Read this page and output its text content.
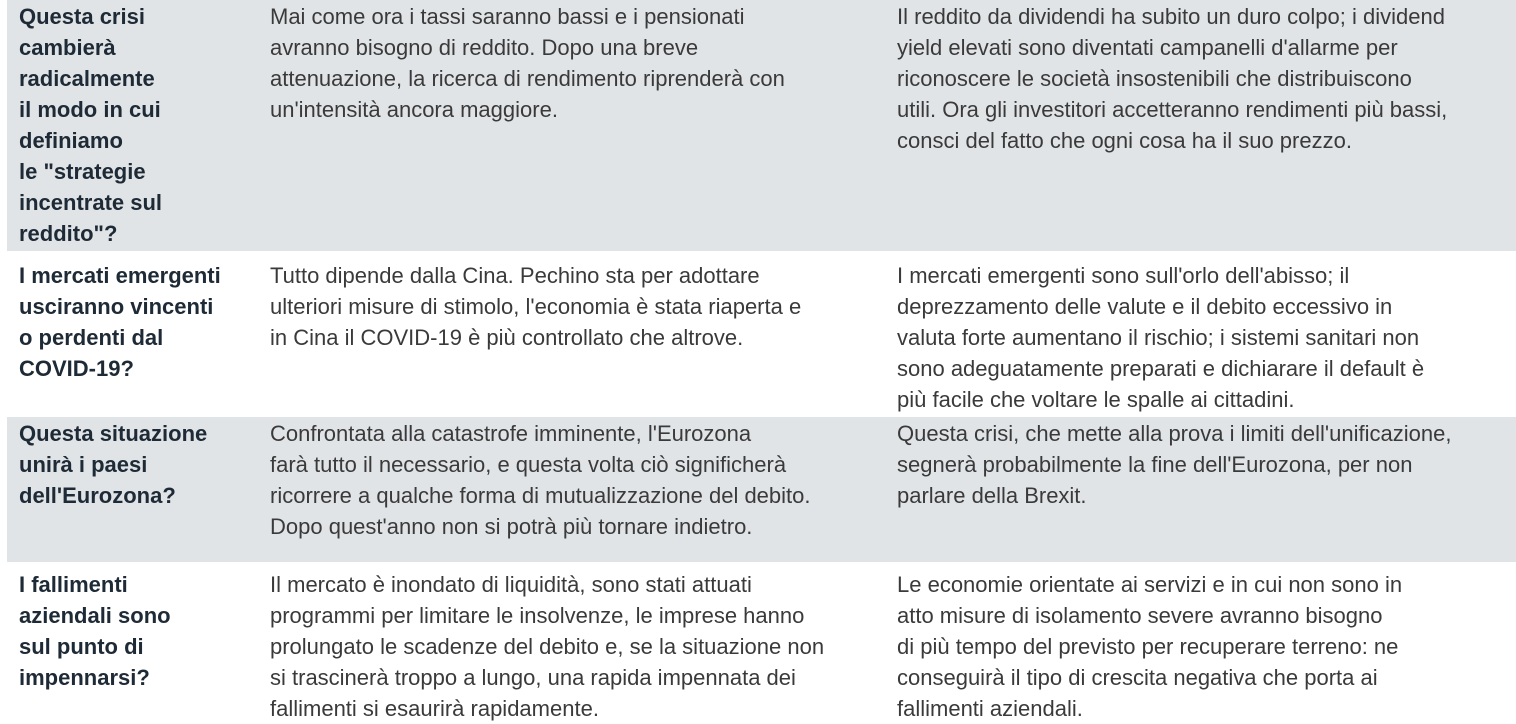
Questa crisi
cambierà
radicalmente
il modo in cui
definiamo
le "strategie
incentrate sul
reddito"?
Mai come ora i tassi saranno bassi e i pensionati
avranno bisogno di reddito. Dopo una breve
attenuazione, la ricerca di rendimento riprenderà con
un'intensità ancora maggiore.
Il reddito da dividendi ha subito un duro colpo; i dividend
yield elevati sono diventati campanelli d'allarme per
riconoscere le società insostenibili che distribuiscono
utili. Ora gli investitori accetteranno rendimenti più bassi,
consci del fatto che ogni cosa ha il suo prezzo.
I mercati emergenti
usciranno vincenti
o perdenti dal
COVID-19?
Tutto dipende dalla Cina. Pechino sta per adottare
ulteriori misure di stimolo, l'economia è stata riaperta e
in Cina il COVID-19 è più controllato che altrove.
I mercati emergenti sono sull'orlo dell'abisso; il
deprezzamento delle valute e il debito eccessivo in
valuta forte aumentano il rischio; i sistemi sanitari non
sono adeguatamente preparati e dichiarare il default è
più facile che voltare le spalle ai cittadini.
Questa situazione
unirà i paesi
dell'Eurozona?
Confrontata alla catastrofe imminente, l'Eurozona
farà tutto il necessario, e questa volta ciò significherà
ricorrere a qualche forma di mutualizzazione del debito.
Dopo quest'anno non si potrà più tornare indietro.
Questa crisi, che mette alla prova i limiti dell'unificazione,
segnerà probabilmente la fine dell'Eurozona, per non
parlare della Brexit.
I fallimenti
aziendali sono
sul punto di
impennarsi?
Il mercato è inondato di liquidità, sono stati attuati
programmi per limitare le insolvenze, le imprese hanno
prolungato le scadenze del debito e, se la situazione non
si trascinerà troppo a lungo, una rapida impennata dei
fallimenti si esaurirà rapidamente.
Le economie orientate ai servizi e in cui non sono in
atto misure di isolamento severe avranno bisogno
di più tempo del previsto per recuperare terreno: ne
conseguirà il tipo di crescita negativa che porta ai
fallimenti aziendali.
